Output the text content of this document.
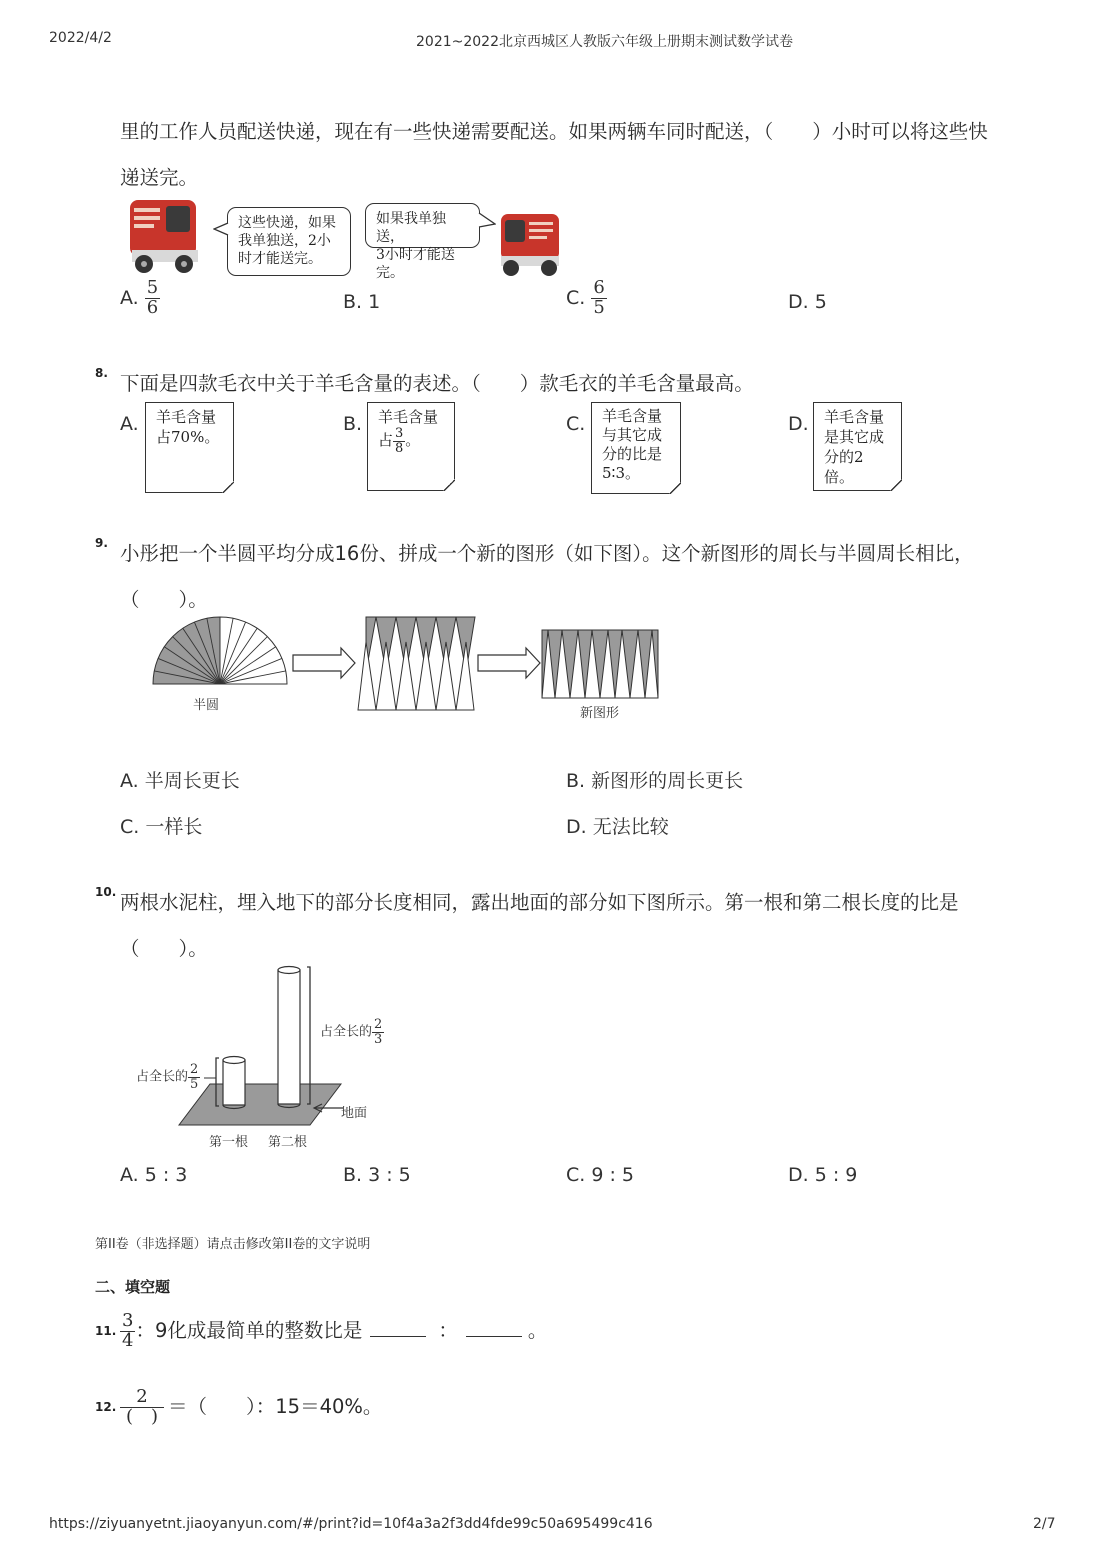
2022/4/2	2021~2022北京西城区人教版六年级上册期末测试数学试卷
里的工作人员配送快递，现在有一些快递需要配送。如果两辆车同时配送，（　　）小时可以将这些快
递送完。
这些快递，如果
我单独送，2小
时才能送完。
如果我单独送，
3小时才能送完。
A. $\frac{5}{6}$	B. 1	C. $\frac{6}{5}$	D. 5
8. 下面是四款毛衣中关于羊毛含量的表述。（　　）款毛衣的羊毛含量最高。
A. 羊毛含量
占70%。
B. 羊毛含量
占 $\frac{3}{8}$ 。
C. 羊毛含量
与其它成
分的比是
5∶3。
D. 羊毛含量
是其它成
分的2倍。
9. 小彤把一个半圆平均分成16份、拼成一个新的图形（如下图）。这个新图形的周长与半圆周长相比，
（　　）。
半圆
新图形
A. 半周长更长	B. 新图形的周长更长
C. 一样长	D. 无法比较
10. 两根水泥柱，埋入地下的部分长度相同，露出地面的部分如下图所示。第一根和第二根长度的比是
（　　）。
占全长的 $\frac{2}{5}$
占全长的 $\frac{2}{3}$
地面
第一根 第二根
A. 5 : 3	B. 3 : 5	C. 9 : 5	D. 5 : 9
第II卷（非选择题）请点击修改第II卷的文字说明
二、填空题
11. $\frac{3}{4}$ ：9化成最简单的整数比是	：	。
12. $\frac{2}{( )}$ ＝（　　）：15＝40%。
https://ziyuanyetnt.jiaoyanyun.com/#/print?id=10f4a3a2f3dd4fde99c50a695499c416	2/7
